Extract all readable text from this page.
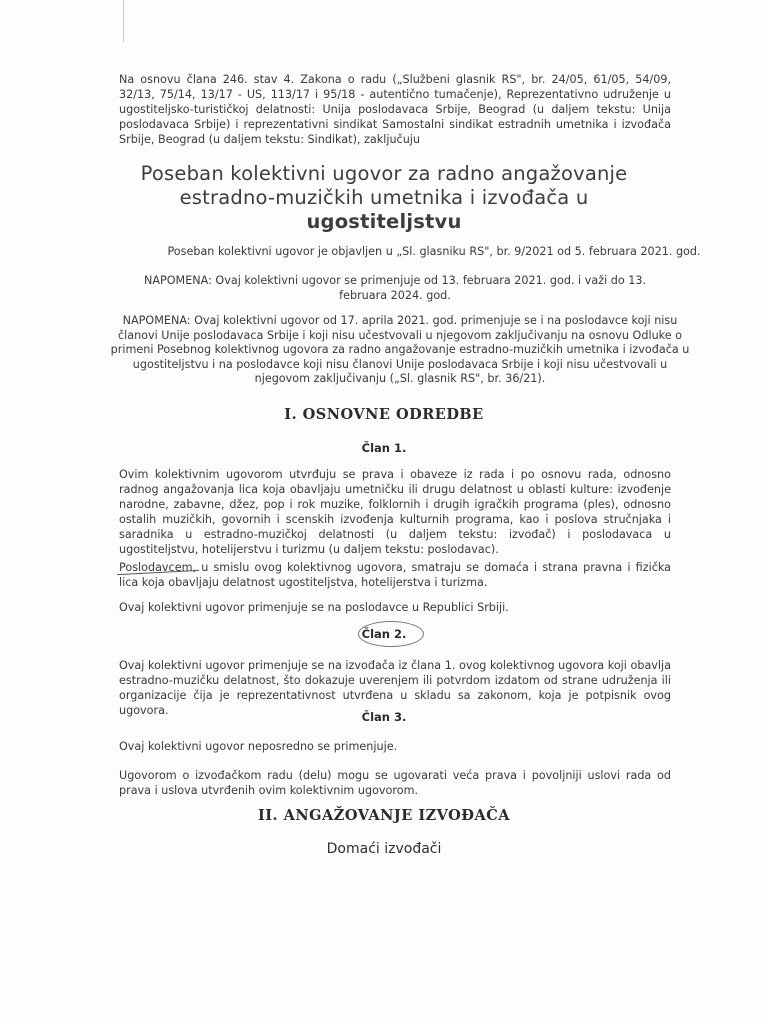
Na osnovu člana 246. stav 4. Zakona o radu („Službeni glasnik RS", br. 24/05, 61/05, 54/09, 32/13, 75/14, 13/17 - US, 113/17 i 95/18 - autentično tumačenje), Reprezentativno udruženje u ugostiteljsko-turističkoj delatnosti: Unija poslodavaca Srbije, Beograd (u daljem tekstu: Unija poslodavaca Srbije) i reprezentativni sindikat Samostalni sindikat estradnih umetnika i izvođača Srbije, Beograd (u daljem tekstu: Sindikat), zaključuju
Poseban kolektivni ugovor za radno angažovanje
estradno-muzičkih umetnika i izvođača u
ugostiteljstvu
Poseban kolektivni ugovor je objavljen u „Sl. glasniku RS", br. 9/2021 od 5. februara 2021. god.
NAPOMENA: Ovaj kolektivni ugovor se primenjuje od 13. februara 2021. god. i važi do 13. februara 2024. god.
NAPOMENA: Ovaj kolektivni ugovor od 17. aprila 2021. god. primenjuje se i na poslodavce koji nisu članovi Unije poslodavaca Srbije i koji nisu učestvovali u njegovom zaključivanju na osnovu Odluke o primeni Posebnog kolektivnog ugovora za radno angažovanje estradno-muzičkih umetnika i izvođača u ugostiteljstvu i na poslodavce koji nisu članovi Unije poslodavaca Srbije i koji nisu učestvovali u njegovom zaključivanju („Sl. glasnik RS", br. 36/21).
I. OSNOVNE ODREDBE
Član 1.
Ovim kolektivnim ugovorom utvrđuju se prava i obaveze iz rada i po osnovu rada, odnosno radnog angažovanja lica koja obavljaju umetničku ili drugu delatnost u oblasti kulture: izvođenje narodne, zabavne, džez, pop i rok muzike, folklornih i drugih igračkih programa (ples), odnosno ostalih muzičkih, govornih i scenskih izvođenja kulturnih programa, kao i poslova stručnjaka i saradnika u estradno-muzičkoj delatnosti (u daljem tekstu: izvođač) i poslodavaca u ugostiteljstvu, hotelijerstvu i turizmu (u daljem tekstu: poslodavac).
Poslodavcem, u smislu ovog kolektivnog ugovora, smatraju se domaća i strana pravna i fizička lica koja obavljaju delatnost ugostiteljstva, hotelijerstva i turizma.
Ovaj kolektivni ugovor primenjuje se na poslodavce u Republici Srbiji.
Član 2.
Ovaj kolektivni ugovor primenjuje se na izvođača iz člana 1. ovog kolektivnog ugovora koji obavlja estradno-muzičku delatnost, što dokazuje uverenjem ili potvrdom izdatom od strane udruženja ili organizacije čija je reprezentativnost utvrđena u skladu sa zakonom, koja je potpisnik ovog ugovora.	Član 3.
Ovaj kolektivni ugovor neposredno se primenjuje.
Ugovorom o izvođačkom radu (delu) mogu se ugovarati veća prava i povoljniji uslovi rada od prava i uslova utvrđenih ovim kolektivnim ugovorom.
II. ANGAŽOVANJE IZVOĐAČA
Domaći izvođači
